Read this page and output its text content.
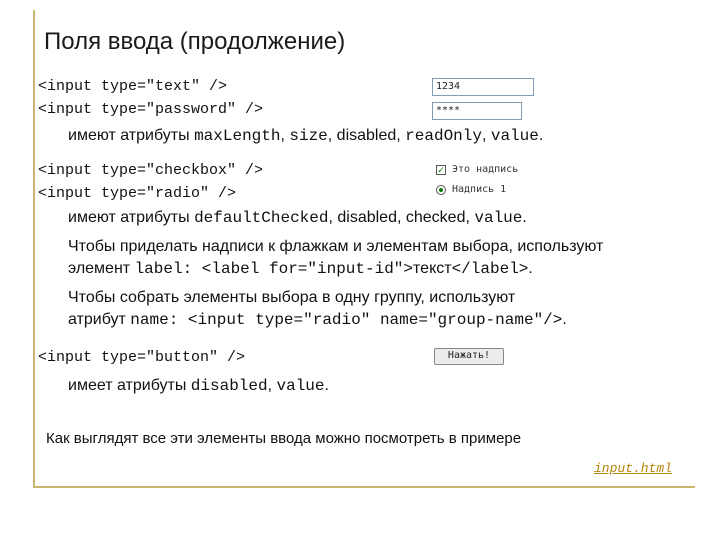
Поля ввода (продолжение)
<input type="text" />
<input type="password" />
1234
****
имеют атрибуты maxLength, size, disabled, readOnly, value.
<input type="checkbox" />
<input type="radio" />
✓ Это надпись
Надпись 1
имеют атрибуты defaultChecked, disabled, checked, value.
Чтобы приделать надписи к флажкам и элементам выбора, используют
элемент label: <label for="input-id">текст</label>.
Чтобы собрать элементы выбора в одну группу, используют
атрибут name: <input type="radio" name="group-name"/>.
<input type="button" />	Нажать!
имеет атрибуты disabled, value.
Как выглядят все эти элементы ввода можно посмотреть в примере
input.html
